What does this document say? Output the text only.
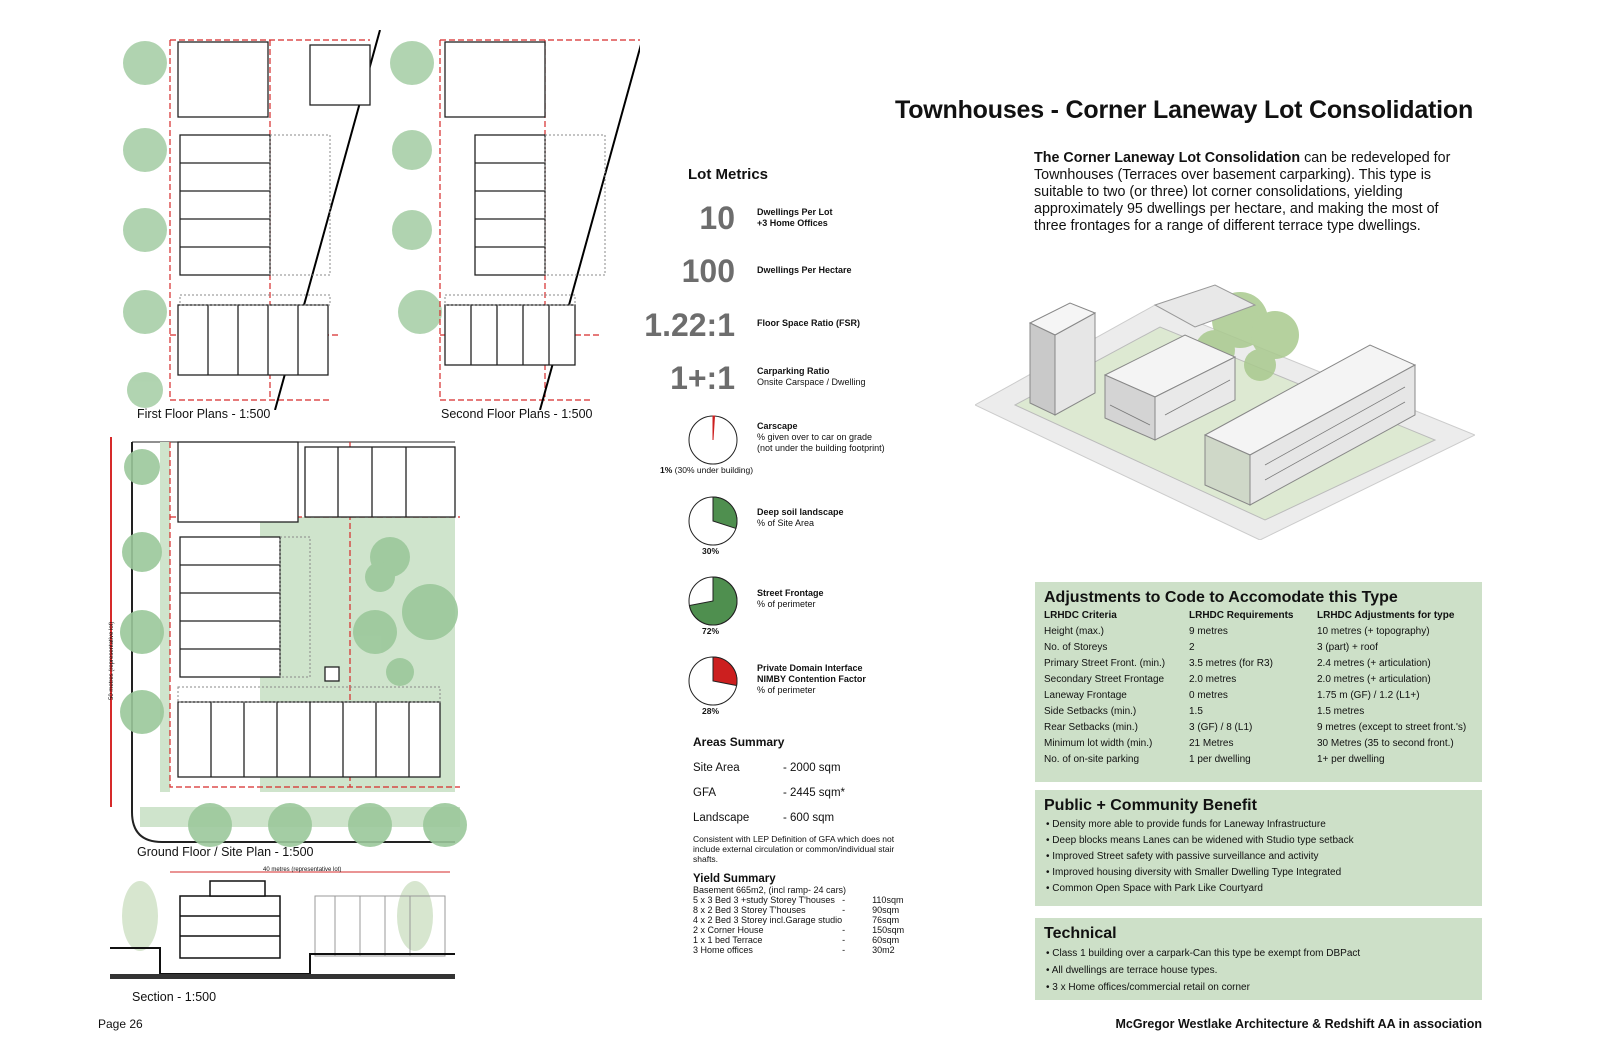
First Floor Plans - 1:500	Second Floor Plans - 1:500
50 metres (representative lot)
Ground Floor / Site Plan - 1:500
40 metres (representative lot)
Section - 1:500
Lot Metrics
10 Dwellings Per Lot
+3 Home Offices
100 Dwellings Per Hectare
1.22:1 Floor Space Ratio (FSR)
1+:1 Carparking Ratio
Onsite Carspace / Dwelling
Carscape
% given over to car on grade
(not under the building footprint)
1% (30% under building)
Deep soil landscape
% of Site Area
30%
Street Frontage
% of perimeter
72%
Private Domain Interface
NIMBY Contention Factor
% of perimeter
28%
Areas Summary
Site Area	- 2000 sqm
GFA	- 2445 sqm*
Landscape	- 600 sqm
Consistent with LEP Definition of GFA which does not include external circulation or common/individual stair shafts.
Yield Summary
Basement 665m2, (incl ramp- 24 cars)		
5 x 3 Bed 3 +study Storey T'houses	-	110sqm
8 x 2 Bed 3 Storey T'houses	-	90sqm
4 x 2 Bed 3 Storey incl.Garage studio		76sqm
2 x Corner House	-	150sqm
1 x 1 bed Terrace	-	60sqm
3 Home offices	-	30m2
Townhouses - Corner Laneway Lot Consolidation
The Corner Laneway Lot Consolidation can be redeveloped for Townhouses (Terraces over basement carparking). This type is suitable to two (or three) lot corner consolidations, yielding approximately 95 dwellings per hectare, and making the most of three frontages for a range of different terrace type dwellings.
Adjustments to Code to Accomodate this Type
LRHDC Criteria	LRHDC Requirements	LRHDC Adjustments for type
Height (max.)	9 metres	10 metres (+ topography)
No. of Storeys	2	3 (part) + roof
Primary Street Front. (min.)	3.5 metres (for R3)	2.4 metres (+ articulation)
Secondary Street Frontage	2.0 metres	2.0 metres (+ articulation)
Laneway Frontage	0 metres	1.75 m (GF) / 1.2 (L1+)
Side Setbacks (min.)	1.5	1.5 metres
Rear Setbacks (min.)	3 (GF) / 8 (L1)	9 metres (except to street front.'s)
Minimum lot width (min.)	21 Metres	30 Metres (35 to second front.)
No. of on-site parking	1 per dwelling	1+ per dwelling
Public + Community Benefit
• Density more able to provide funds for Laneway Infrastructure
• Deep blocks means Lanes can be widened with Studio type setback
• Improved Street safety with passive surveillance and activity
• Improved housing diversity with Smaller Dwelling Type Integrated
• Common Open Space with Park Like Courtyard
Technical
• Class 1 building over a carpark-Can this type be exempt from DBPact
• All dwellings are terrace house types.
• 3 x Home offices/commercial retail on corner
Page 26	McGregor Westlake Architecture & Redshift AA in association
